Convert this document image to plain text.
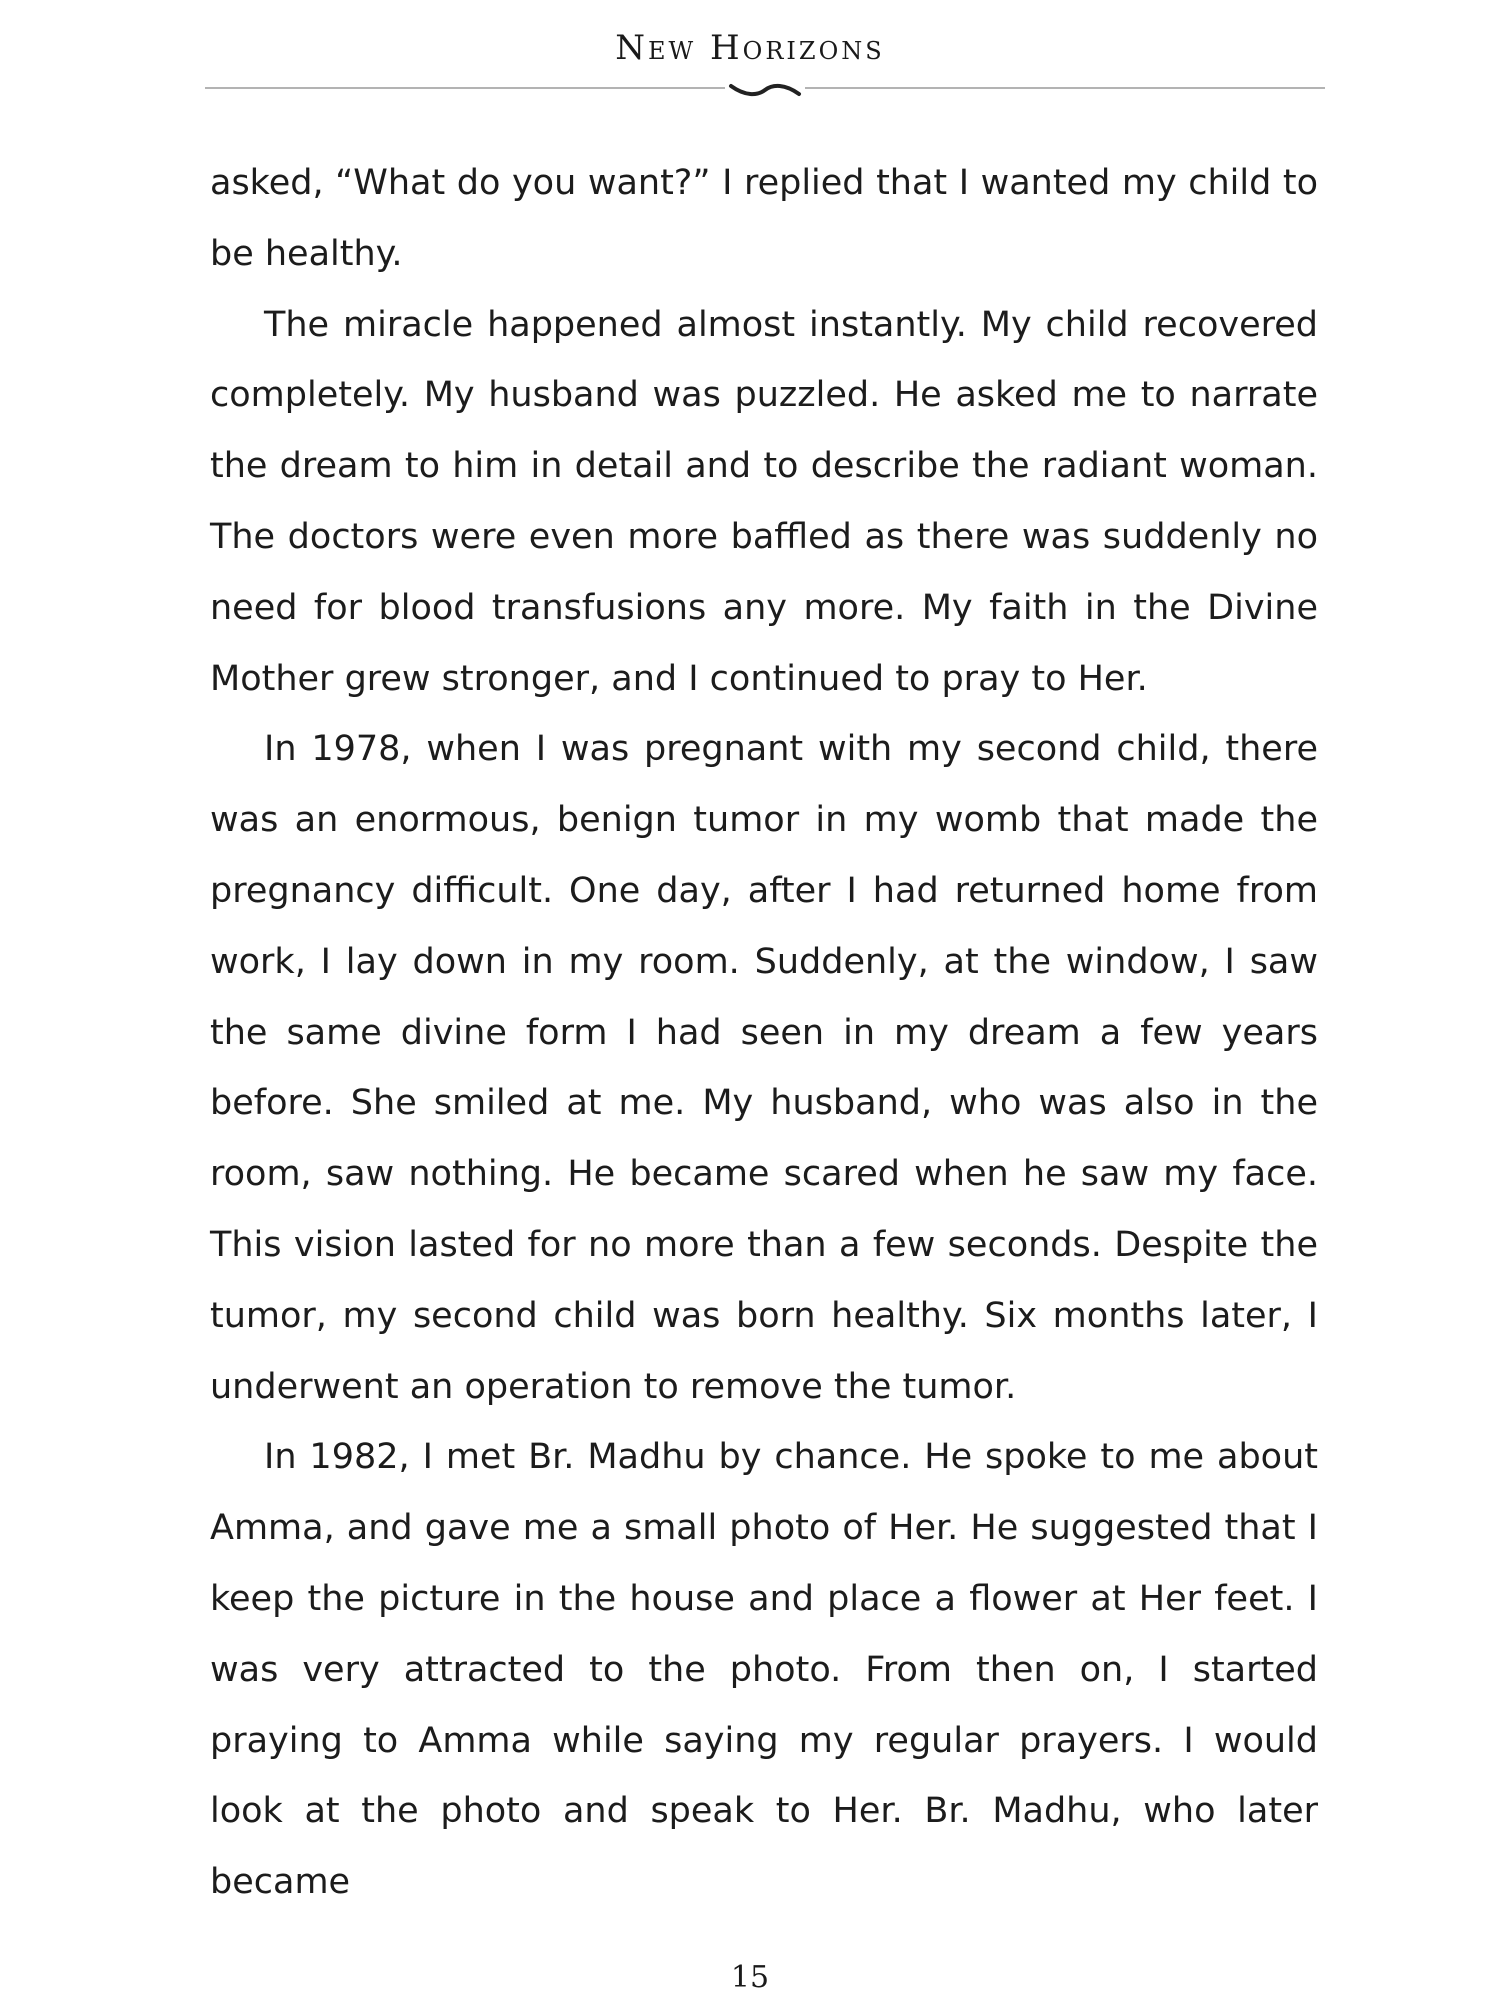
New Horizons

asked, “What do you want?” I replied that I wanted my child to be healthy.

The miracle happened almost instantly. My child recovered completely. My husband was puzzled. He asked me to narrate the dream to him in detail and to describe the radiant woman. The doctors were even more baffled as there was suddenly no need for blood transfusions any more. My faith in the Divine Mother grew stronger, and I continued to pray to Her.

In 1978, when I was pregnant with my second child, there was an enormous, benign tumor in my womb that made the pregnancy difficult. One day, after I had returned home from work, I lay down in my room. Suddenly, at the window, I saw the same divine form I had seen in my dream a few years before. She smiled at me. My husband, who was also in the room, saw nothing. He became scared when he saw my face. This vision lasted for no more than a few seconds. Despite the tumor, my second child was born healthy. Six months later, I underwent an operation to remove the tumor.

In 1982, I met Br. Madhu by chance. He spoke to me about Amma, and gave me a small photo of Her. He suggested that I keep the picture in the house and place a flower at Her feet. I was very attracted to the photo. From then on, I started praying to Amma while saying my regular prayers. I would look at the photo and speak to Her. Br. Madhu, who later became

15
